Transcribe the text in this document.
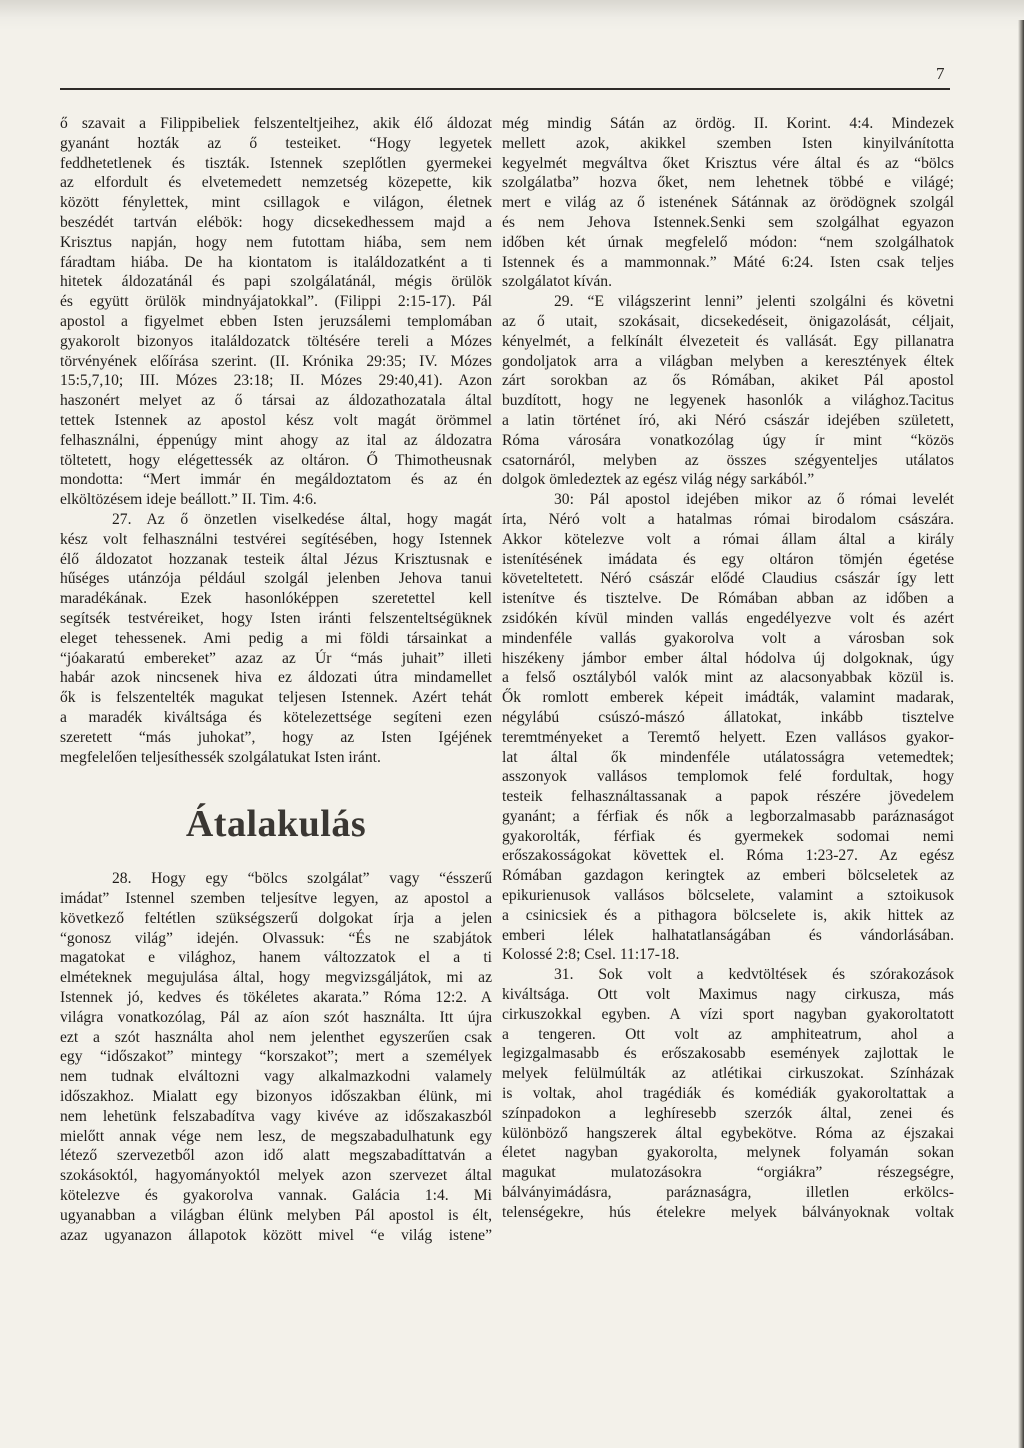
7
ő szavait a Filippibeliek felszenteltjeihez, akik élő áldozat
gyanánt hozták az ő testeiket. “Hogy legyetek
feddhetetlenek és tiszták. Istennek szeplőtlen gyermekei
az elfordult és elvetemedett nemzetség közepette, kik
között fénylettek, mint csillagok e világon, életnek
beszédét tartván elébök: hogy dicsekedhessem majd a
Krisztus napján, hogy nem futottam hiába, sem nem
fáradtam hiába. De ha kiontatom is italáldozatként a ti
hitetek áldozatánál és papi szolgálatánál, mégis örülök
és együtt örülök mindnyájatokkal”. (Filippi 2:15-17). Pál
apostol a figyelmet ebben Isten jeruzsálemi templomában
gyakorolt bizonyos italáldozatck töltésére tereli a Mózes
törvényének előírása szerint. (II. Krónika 29:35; IV. Mózes
15:5,7,10; III. Mózes 23:18; II. Mózes 29:40,41). Azon
haszonért melyet az ő társai az áldozathozatala által
tettek Istennek az apostol kész volt magát örömmel
felhasználni, éppenúgy mint ahogy az ital az áldozatra
töltetett, hogy elégettessék az oltáron. Ő Thimotheusnak
mondotta: “Mert immár én megáldoztatom és az én
elköltözésem ideje beállott.” II. Tim. 4:6.
27. Az ő önzetlen viselkedése által, hogy magát
kész volt felhasználni testvérei segítésében, hogy Istennek
élő áldozatot hozzanak testeik által Jézus Krisztusnak e
hűséges utánzója például szolgál jelenben Jehova tanui
maradékának. Ezek hasonlóképpen szeretettel kell
segítsék testvéreiket, hogy Isten iránti felszenteltségüknek
eleget tehessenek. Ami pedig a mi földi társainkat a
“jóakaratú embereket” azaz az Úr “más juhait” illeti
habár azok nincsenek hiva ez áldozati útra mindamellet
ők is felszentelték magukat teljesen Istennek. Azért tehát
a maradék kiváltsága és kötelezettsége segíteni ezen
szeretett “más juhokat”, hogy az Isten Igéjének
megfelelően teljesíthessék szolgálatukat Isten iránt.
Átalakulás
28. Hogy egy “bölcs szolgálat” vagy “ésszerű
imádat” Istennel szemben teljesítve legyen, az apostol a
következő feltétlen szükségszerű dolgokat írja a jelen
“gonosz világ” idején. Olvassuk: “És ne szabjátok
magatokat e világhoz, hanem változzatok el a ti
elméteknek megujulása által, hogy megvizsgáljátok, mi az
Istennek jó, kedves és tökéletes akarata.” Róma 12:2. A
világra vonatkozólag, Pál az aíon szót használta. Itt újra
ezt a szót használta ahol nem jelenthet egyszerűen csak
egy “időszakot” mintegy “korszakot”; mert a személyek
nem tudnak elváltozni vagy alkalmazkodni valamely
időszakhoz. Mialatt egy bizonyos időszakban élünk, mi
nem lehetünk felszabadítva vagy kivéve az időszakaszból
mielőtt annak vége nem lesz, de megszabadulhatunk egy
létező szervezetből azon idő alatt megszabadíttatván a
szokásoktól, hagyományoktól melyek azon szervezet által
kötelezve és gyakorolva vannak. Galácia 1:4. Mi
ugyanabban a világban élünk melyben Pál apostol is élt,
azaz ugyanazon állapotok között mivel “e világ istene”
még mindig Sátán az ördög. II. Korint. 4:4. Mindezek
mellett azok, akikkel szemben Isten kinyilvánította
kegyelmét megváltva őket Krisztus vére által és az “bölcs
szolgálatba” hozva őket, nem lehetnek többé e világé;
mert e világ az ő istenének Sátánnak az örödögnek szolgál
és nem Jehova Istennek.Senki sem szolgálhat egyazon
időben két úrnak megfelelő módon: “nem szolgálhatok
Istennek és a mammonnak.” Máté 6:24. Isten csak teljes
szolgálatot kíván.
29. “E világszerint lenni” jelenti szolgálni és követni
az ő utait, szokásait, dicsekedéseit, önigazolását, céljait,
kényelmét, a felkínált élvezeteit és vallását. Egy pillanatra
gondoljatok arra a világban melyben a keresztények éltek
zárt sorokban az ős Rómában, akiket Pál apostol
buzdított, hogy ne legyenek hasonlók a világhoz.Tacitus
a latin történet író, aki Néró császár idejében született,
Róma városára vonatkozólag úgy ír mint “közös
csatornáról, melyben az összes szégyenteljes utálatos
dolgok ömledeztek az egész világ négy sarkából.”
30: Pál apostol idejében mikor az ő római levelét
írta, Néró volt a hatalmas római birodalom császára.
Akkor kötelezve volt a római állam által a király
istenítésének imádata és egy oltáron tömjén égetése
követeltetett. Néró császár elődé Claudius császár így lett
istenítve és tisztelve. De Rómában abban az időben a
zsidókén kívül minden vallás engedélyezve volt és azért
mindenféle vallás gyakorolva volt a városban sok
hiszékeny jámbor ember által hódolva új dolgoknak, úgy
a felső osztályból valók mint az alacsonyabbak közül is.
Ők romlott emberek képeit imádták, valamint madarak,
négylábú csúszó-mászó állatokat, inkább tisztelve
teremtményeket a Teremtő helyett. Ezen vallásos gyakor-
lat által ők mindenféle utálatosságra vetemedtek;
asszonyok vallásos templomok felé fordultak, hogy
testeik felhasználtassanak a papok részére jövedelem
gyanánt; a férfiak és nők a legborzalmasabb paráznaságot
gyakorolták, férfiak és gyermekek sodomai nemi
erőszakosságokat követtek el. Róma 1:23-27. Az egész
Rómában gazdagon keringtek az emberi bölcseletek az
epikurienusok vallásos bölcselete, valamint a sztoikusok
a csinicsiek és a pithagora bölcselete is, akik hittek az
emberi lélek halhatatlanságában és vándorlásában.
Kolossé 2:8; Csel. 11:17-18.
31. Sok volt a kedvtöltések és szórakozások
kiváltsága. Ott volt Maximus nagy cirkusza, más
cirkuszokkal egyben. A vízi sport nagyban gyakoroltatott
a tengeren. Ott volt az amphiteatrum, ahol a
legizgalmasabb és erőszakosabb események zajlottak le
melyek felülmúlták az atlétikai cirkuszokat. Színházak
is voltak, ahol tragédiák és komédiák gyakoroltattak a
színpadokon a leghíresebb szerzók által, zenei és
különböző hangszerek által egybekötve. Róma az éjszakai
életet nagyban gyakorolta, melynek folyamán sokan
magukat mulatozásokra “orgiákra” részegségre,
bálványimádásra, paráznaságra, illetlen erkölcs-
telenségekre, hús ételekre melyek bálványoknak voltak
